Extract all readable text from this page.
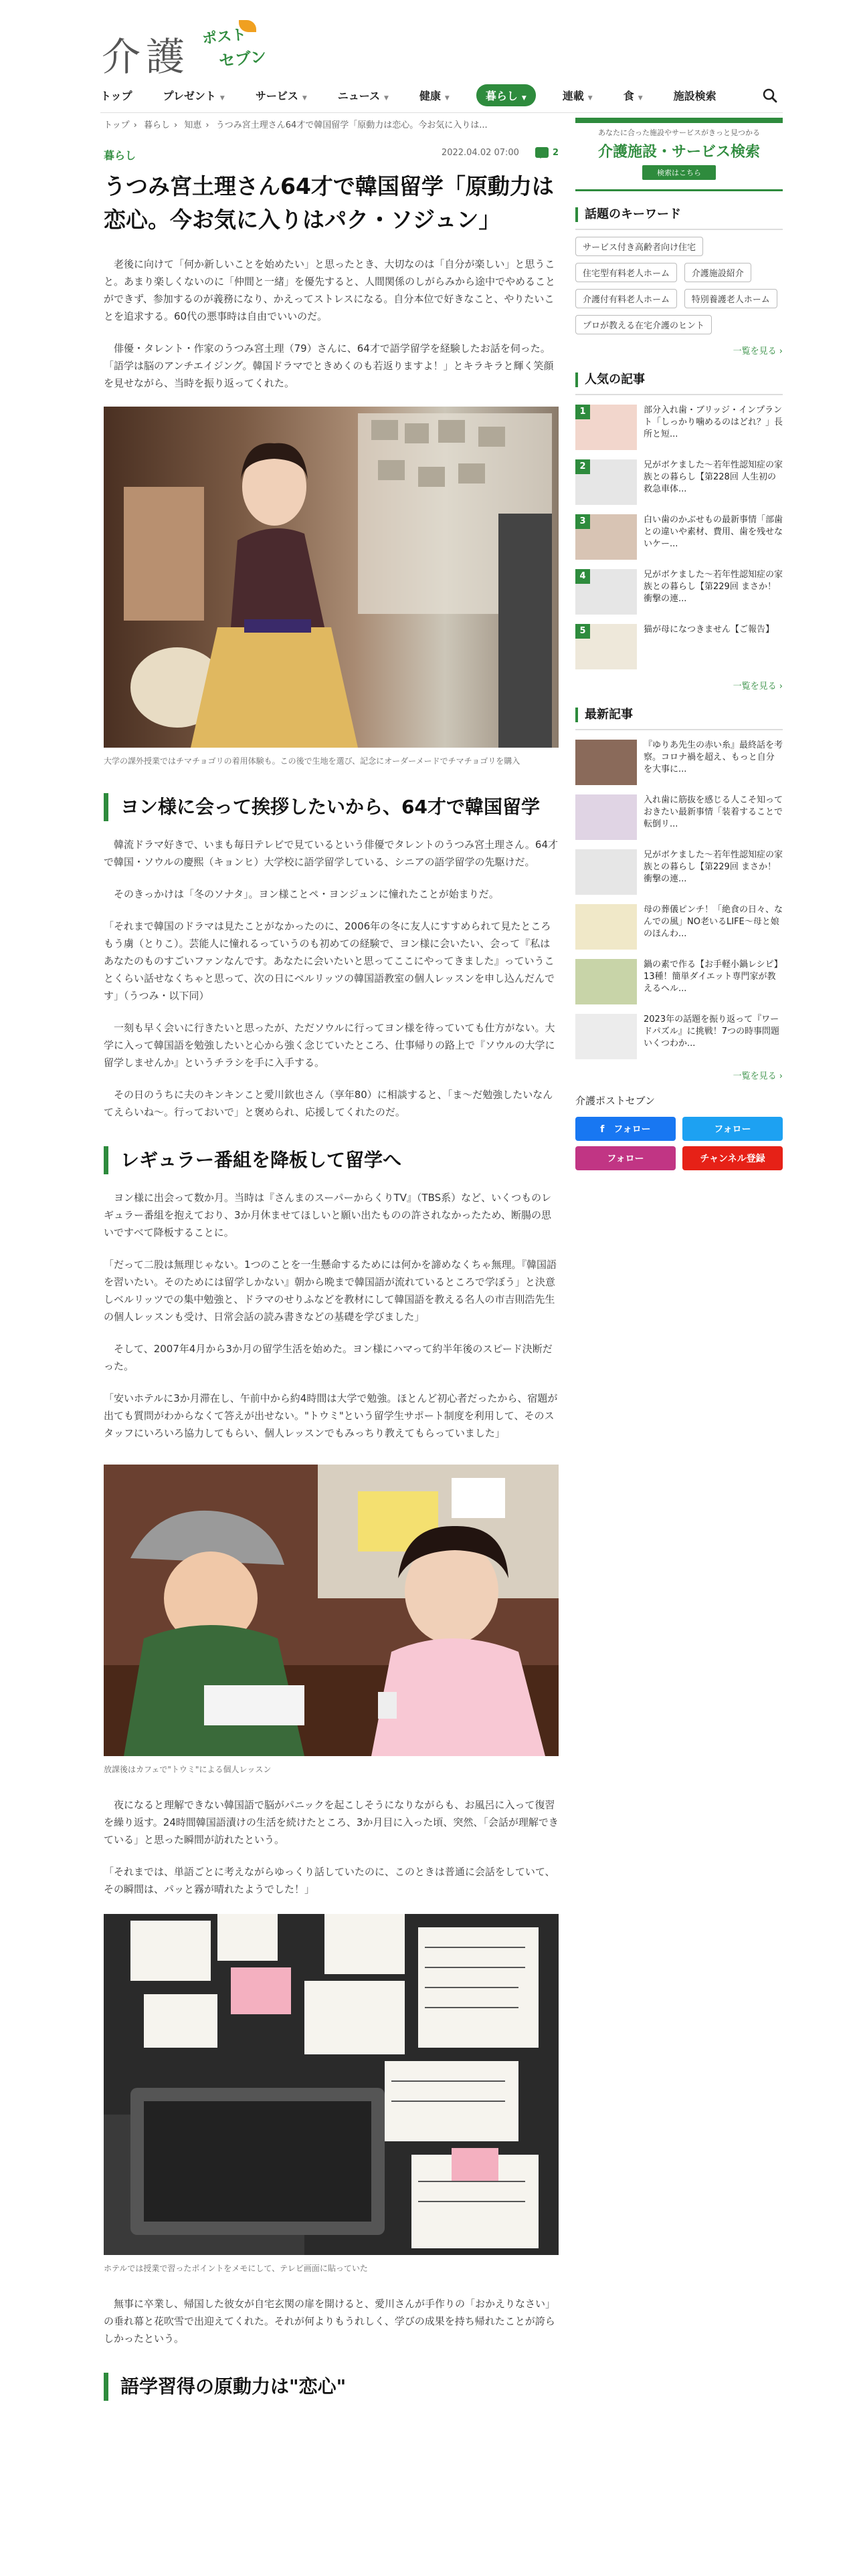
介護 ポスト
セブン
トップ	プレゼント ▼	サービス ▼	ニュース ▼	健康 ▼	暮らし ▼	連載 ▼	食 ▼	施設検索
トップ › 暮らし › 知恵 › うつみ宮土理さん64才で韓国留学「原動力は恋心。今お気に入りは...
暮らし	2022.04.02 07:00	2
うつみ宮土理さん64才で韓国留学「原動力は恋心。今お気に入りはパク・ソジュン」

老後に向けて「何か新しいことを始めたい」と思ったとき、大切なのは「自分が楽しい」と思うこと。あまり楽しくないのに「仲間と一緒」を優先すると、人間関係のしがらみから途中でやめることができず、参加するのが義務になり、かえってストレスになる。自分本位で好きなこと、やりたいことを追求する。60代の悪事時は自由でいいのだ。

俳優・タレント・作家のうつみ宮土理（79）さんに、64才で語学留学を経験したお話を伺った。「語学は脳のアンチエイジング。韓国ドラマでときめくのも若返りますよ！」とキラキラと輝く笑顔を見せながら、当時を振り返ってくれた。

大学の課外授業ではチマチョゴリの着用体験も。この後で生地を選び、記念にオーダーメードでチマチョゴリを購入

ヨン様に会って挨拶したいから、64才で韓国留学

韓流ドラマ好きで、いまも毎日テレビで見ているという俳優でタレントのうつみ宮土理さん。64才で韓国・ソウルの慶熙（キョンヒ）大学校に語学留学している、シニアの語学留学の先駆けだ。

そのきっかけは「冬のソナタ」。ヨン様ことペ・ヨンジュンに憧れたことが始まりだ。

「それまで韓国のドラマは見たことがなかったのに、2006年の冬に友人にすすめられて見たところもう虜（とりこ）。芸能人に憧れるっていうのも初めての経験で、ヨン様に会いたい、会って『私はあなたのものすごいファンなんです。あなたに会いたいと思ってここにやってきました』っていうことくらい話せなくちゃと思って、次の日にベルリッツの韓国語教室の個人レッスンを申し込んだんです」（うつみ・以下同）

一刻も早く会いに行きたいと思ったが、ただソウルに行ってヨン様を待っていても仕方がない。大学に入って韓国語を勉強したいと心から強く念じていたところ、仕事帰りの路上で『ソウルの大学に留学しませんか』というチラシを手に入手する。

その日のうちに夫のキンキンこと愛川欽也さん（享年80）に相談すると、「ま〜だ勉強したいなんてえらいね〜。行っておいで」と褒められ、応援してくれたのだ。

レギュラー番組を降板して留学へ

ヨン様に出会って数か月。当時は『さんまのスーパーからくりTV』（TBS系）など、いくつものレギュラー番組を抱えており、3か月休ませてほしいと願い出たものの許されなかったため、断腸の思いですべて降板することに。

「だって二股は無理じゃない。1つのことを一生懸命するためには何かを諦めなくちゃ無理。『韓国語を習いたい。そのためには留学しかない』朝から晩まで韓国語が流れているところで学ぼう」と決意しベルリッツでの集中勉強と、ドラマのせりふなどを教材にして韓国語を教える名人の市吉則浩先生の個人レッスンも受け、日常会話の読み書きなどの基礎を学びました」

そして、2007年4月から3か月の留学生活を始めた。ヨン様にハマって約半年後のスピード決断だった。

「安いホテルに3か月滞在し、午前中から約4時間は大学で勉強。ほとんど初心者だったから、宿題が出ても質問がわからなくて答えが出せない。"トウミ"という留学生サポート制度を利用して、そのスタッフにいろいろ協力してもらい、個人レッスンでもみっちり教えてもらっていました」

放課後はカフェで"トウミ"による個人レッスン

夜になると理解できない韓国語で脳がパニックを起こしそうになりながらも、お風呂に入って復習を繰り返す。24時間韓国語漬けの生活を続けたところ、3か月目に入った頃、突然、「会話が理解できている」と思った瞬間が訪れたという。

「それまでは、単語ごとに考えながらゆっくり話していたのに、このときは普通に会話をしていて、その瞬間は、パッと霧が晴れたようでした！」

ホテルでは授業で習ったポイントをメモにして、テレビ画面に貼っていた

無事に卒業し、帰国した彼女が自宅玄関の扉を開けると、愛川さんが手作りの「おかえりなさい」の垂れ幕と花吹雪で出迎えてくれた。それが何よりもうれしく、学びの成果を持ち帰れたことが誇らしかったという。

語学習得の原動力は"恋心"
あなたに合った施設やサービスがきっと見つかる
介護施設・サービス検索
検索はこちら
話題のキーワード
サービス付き高齢者向け住宅 住宅型有料老人ホーム	介護施設紹介 介護付有料老人ホーム	特別養護老人ホーム プロが教える在宅介護のヒント
一覧を見る ›
人気の記事
1	部分入れ歯・ブリッジ・インプラント「しっかり噛めるのはどれ？」長所と短...
2	兄がボケました〜若年性認知症の家族との暮らし【第228回 人生初の救急車体...
3	白い歯のかぶせもの最新事情「部歯との違いや素材、費用、歯を残せないケー...
4	兄がボケました〜若年性認知症の家族との暮らし【第229回 まさか！衝撃の連...
5	猫が母になつきません【ご報告】
一覧を見る ›
最新記事
『ゆりあ先生の赤い糸』最終話を考察。コロナ禍を超え、もっと自分を大事に...
入れ歯に筋抜を感じる人こそ知っておきたい最新事情「装着することで転倒リ...
兄がボケました〜若年性認知症の家族との暮らし【第229回 まさか！衝撃の連...
母の葬儀ピンチ！「絶食の日々、なんでの風」NO老いるLIFE〜母と娘のほんわ...
鍋の素で作る【お手軽小鍋レシピ】13種！簡単ダイエット専門家が教えるヘル...
2023年の話題を振り返って『ワードパズル』に挑戦！7つの時事問題いくつわか...
一覧を見る ›
介護ポストセブン
f　フォロー	フォロー
フォロー	チャンネル登録
